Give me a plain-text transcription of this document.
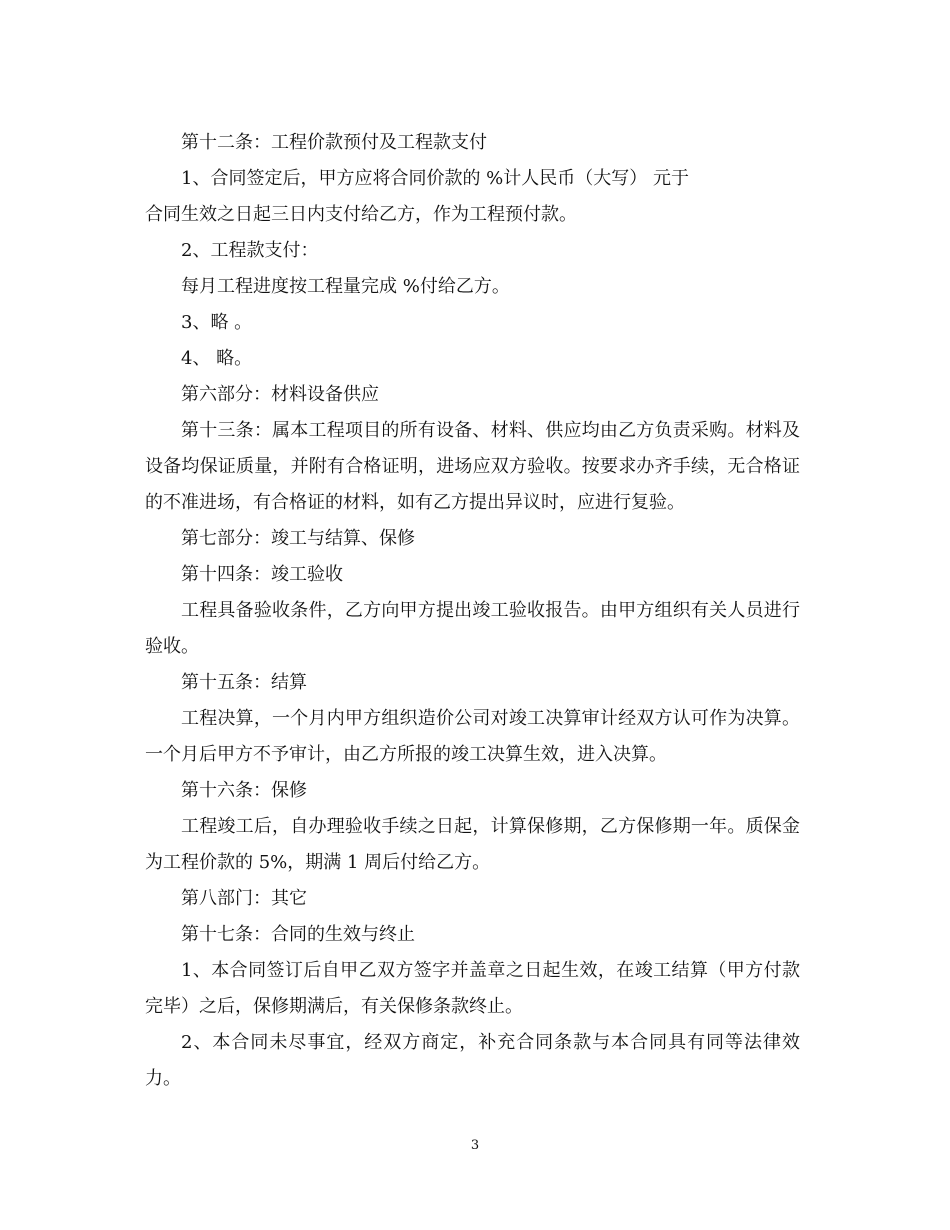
第十二条：工程价款预付及工程款支付

1、合同签定后，甲方应将合同价款的 %计人民币（大写） 元于

合同生效之日起三日内支付给乙方，作为工程预付款。

2、工程款支付：

每月工程进度按工程量完成 %付给乙方。

3、略 。

4、 略。

第六部分：材料设备供应

第十三条：属本工程项目的所有设备、材料、供应均由乙方负责采购。材料及设备均保证质量，并附有合格证明，进场应双方验收。按要求办齐手续，无合格证的不准进场，有合格证的材料，如有乙方提出异议时，应进行复验。

第七部分：竣工与结算、保修

第十四条：竣工验收

工程具备验收条件，乙方向甲方提出竣工验收报告。由甲方组织有关人员进行验收。

第十五条：结算

工程决算，一个月内甲方组织造价公司对竣工决算审计经双方认可作为决算。一个月后甲方不予审计，由乙方所报的竣工决算生效，进入决算。

第十六条：保修

工程竣工后，自办理验收手续之日起，计算保修期，乙方保修期一年。质保金为工程价款的 5%，期满 1 周后付给乙方。

第八部门：其它

第十七条：合同的生效与终止

1、本合同签订后自甲乙双方签字并盖章之日起生效，在竣工结算（甲方付款完毕）之后，保修期满后，有关保修条款终止。

2、本合同未尽事宜，经双方商定，补充合同条款与本合同具有同等法律效力。

3
